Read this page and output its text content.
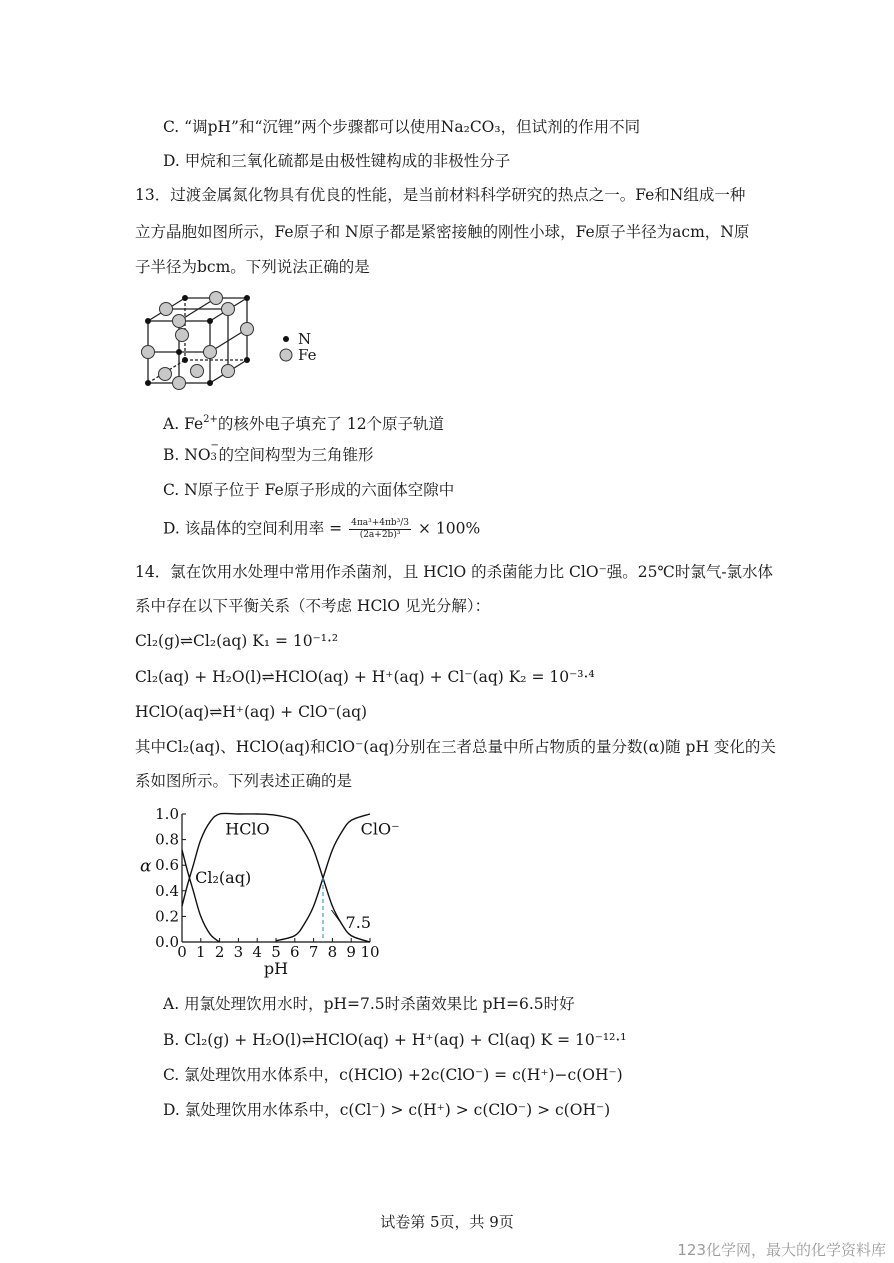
C. “调pH”和“沉锂”两个步骤都可以使用Na₂CO₃，但试剂的作用不同
D. 甲烷和三氧化硫都是由极性键构成的非极性分子
13．过渡金属氮化物具有优良的性能，是当前材料科学研究的热点之一。Fe和N组成一种
立方晶胞如图所示，Fe原子和 N原子都是紧密接触的刚性小球，Fe原子半径为acm，N原
子半径为bcm。下列说法正确的是
N
Fe
A. $Fe^{2+}$的核外电子填充了 12个原子轨道
B. NO
−
3 的空间构型为三角锥形
C. N原子位于 Fe原子形成的六面体空隙中
D. 该晶体的空间利用率 = $\frac{\text{4πa³+4πb³/3}}{\text{(2a+2b)³}} \times 100\%$
14．氯在饮用水处理中常用作杀菌剂，且 HClO 的杀菌能力比 ClO⁻强。25℃时氯气-氯水体
系中存在以下平衡关系（不考虑 HClO 见光分解）：
Cl₂(g)⇌Cl₂(aq) K₁ = 10⁻¹·²
Cl₂(aq) + H₂O(l)⇌HClO(aq) + H⁺(aq) + Cl⁻(aq) K₂ = 10⁻³·⁴
HClO(aq)⇌H⁺(aq) + ClO⁻(aq)
其中Cl₂(aq)、HClO(aq)和ClO⁻(aq)分别在三者总量中所占物质的量分数(α)随 pH 变化的关
系如图所示。下列表述正确的是
0 1 2 3 4 5 6 7 8 9 10
0.0
0.2
0.4
0.6
0.8
1.0
pH
α
7.5
Cl₂(aq)
HClO	ClO⁻
A. 用氯处理饮用水时，pH=7.5时杀菌效果比 pH=6.5时好
B. Cl₂(g) + H₂O(l)⇌HClO(aq) + H⁺(aq) + Cl(aq) K = 10⁻¹²·¹
C. 氯处理饮用水体系中，c(HClO) +2c(ClO⁻) = c(H⁺)−c(OH⁻)
D. 氯处理饮用水体系中，c(Cl⁻) > c(H⁺) > c(ClO⁻) > c(OH⁻)
试卷第 5页，共 9页
123化学网，最大的化学资料库
